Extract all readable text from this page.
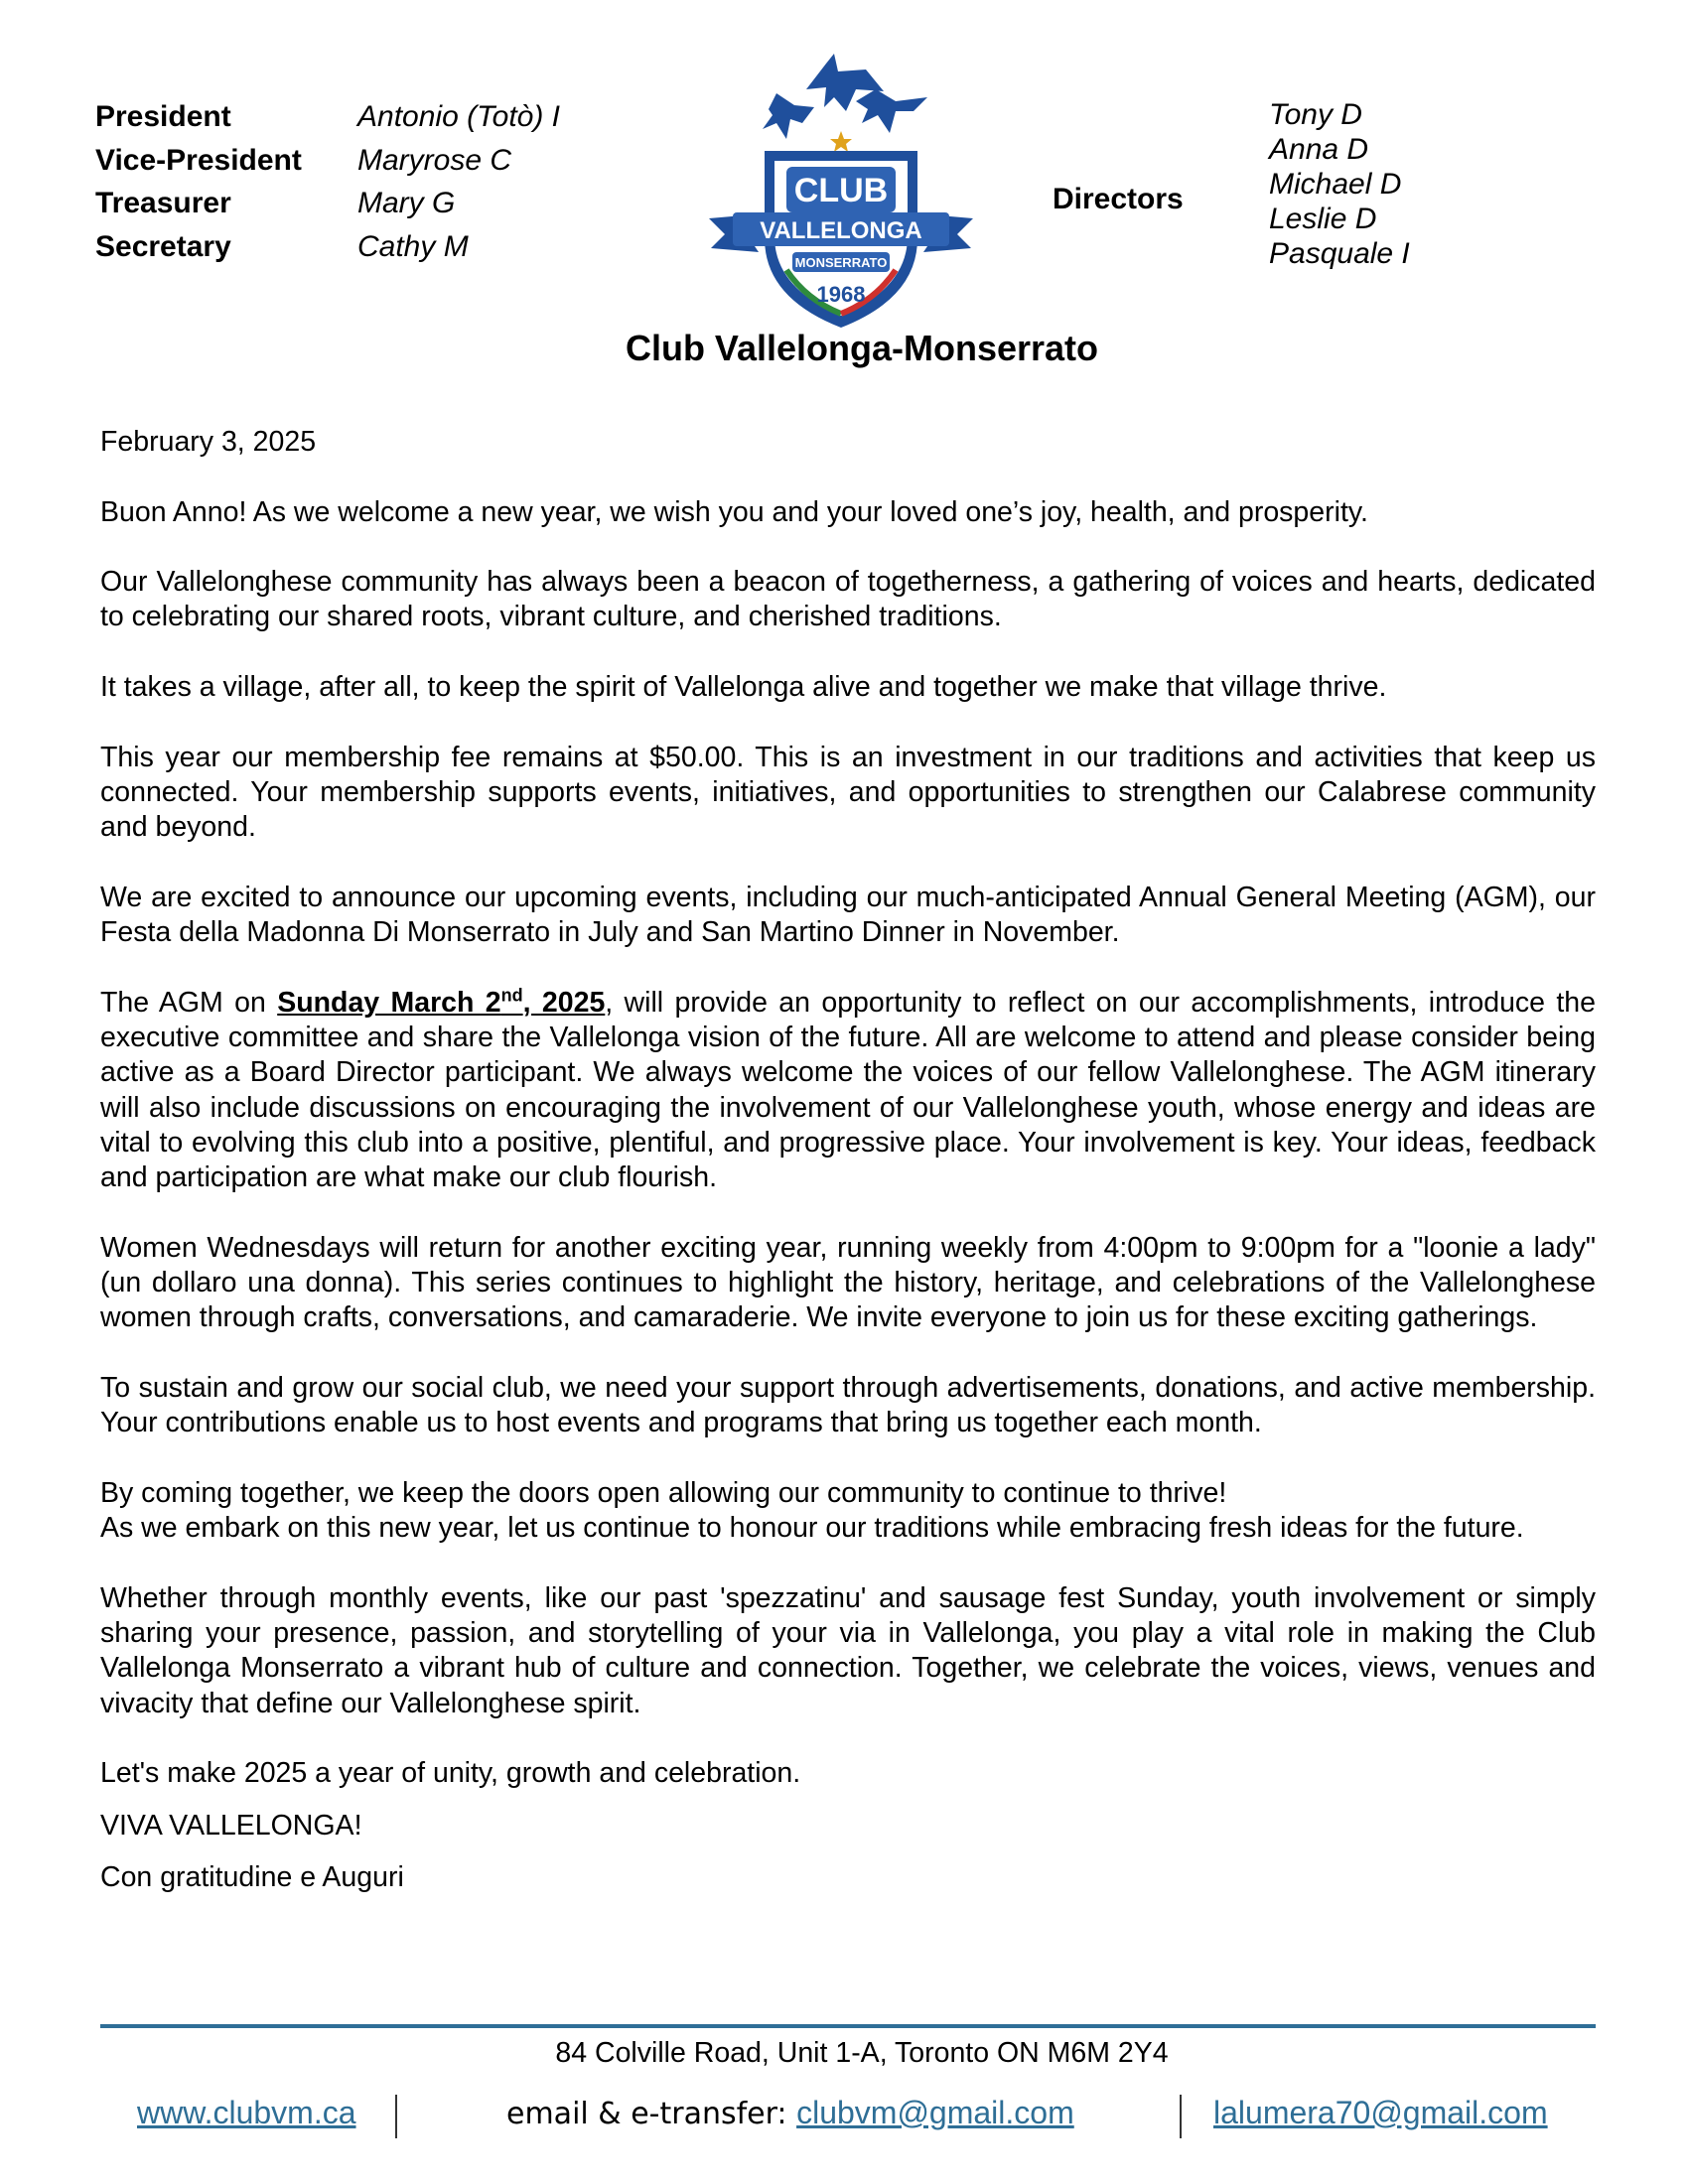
President	Antonio (Totò) I
Vice-President	Maryrose C
Treasurer	Mary G
Secretary	Cathy M
CLUB
VALLELONGA
MONSERRATO
1968
Directors
Tony D
Anna D
Michael D
Leslie D
Pasquale I
Club Vallelonga-Monserrato

February 3, 2025

Buon Anno! As we welcome a new year, we wish you and your loved one’s joy, health, and prosperity.

Our Vallelonghese community has always been a beacon of togetherness, a gathering of voices and hearts, dedicated to celebrating our shared roots, vibrant culture, and cherished traditions.

It takes a village, after all, to keep the spirit of Vallelonga alive and together we make that village thrive.

This year our membership fee remains at $50.00. This is an investment in our traditions and activities that keep us connected. Your membership supports events, initiatives, and opportunities to strengthen our Calabrese community and beyond.

We are excited to announce our upcoming events, including our much-anticipated Annual General Meeting (AGM), our Festa della Madonna Di Monserrato in July and San Martino Dinner in November.

The AGM on Sunday March 2nd, 2025, will provide an opportunity to reflect on our accomplishments, introduce the executive committee and share the Vallelonga vision of the future. All are welcome to attend and please consider being active as a Board Director participant. We always welcome the voices of our fellow Vallelonghese. The AGM itinerary will also include discussions on encouraging the involvement of our Vallelonghese youth, whose energy and ideas are vital to evolving this club into a positive, plentiful, and progressive place. Your involvement is key. Your ideas, feedback and participation are what make our club flourish.

Women Wednesdays will return for another exciting year, running weekly from 4:00pm to 9:00pm for a "loonie a lady" (un dollaro una donna). This series continues to highlight the history, heritage, and celebrations of the Vallelonghese women through crafts, conversations, and camaraderie. We invite everyone to join us for these exciting gatherings.

To sustain and grow our social club, we need your support through advertisements, donations, and active membership. Your contributions enable us to host events and programs that bring us together each month.

By coming together, we keep the doors open allowing our community to continue to thrive!
As we embark on this new year, let us continue to honour our traditions while embracing fresh ideas for the future.

Whether through monthly events, like our past 'spezzatinu' and sausage fest Sunday, youth involvement or simply sharing your presence, passion, and storytelling of your via in Vallelonga, you play a vital role in making the Club Vallelonga Monserrato a vibrant hub of culture and connection. Together, we celebrate the voices, views, venues and vivacity that define our Vallelonghese spirit.

Let's make 2025 a year of unity, growth and celebration.

VIVA VALLELONGA!

Con gratitudine e Auguri

84 Colville Road, Unit 1-A, Toronto ON M6M 2Y4
www.clubvm.ca	email & e-transfer: clubvm@gmail.com	lalumera70@gmail.com
